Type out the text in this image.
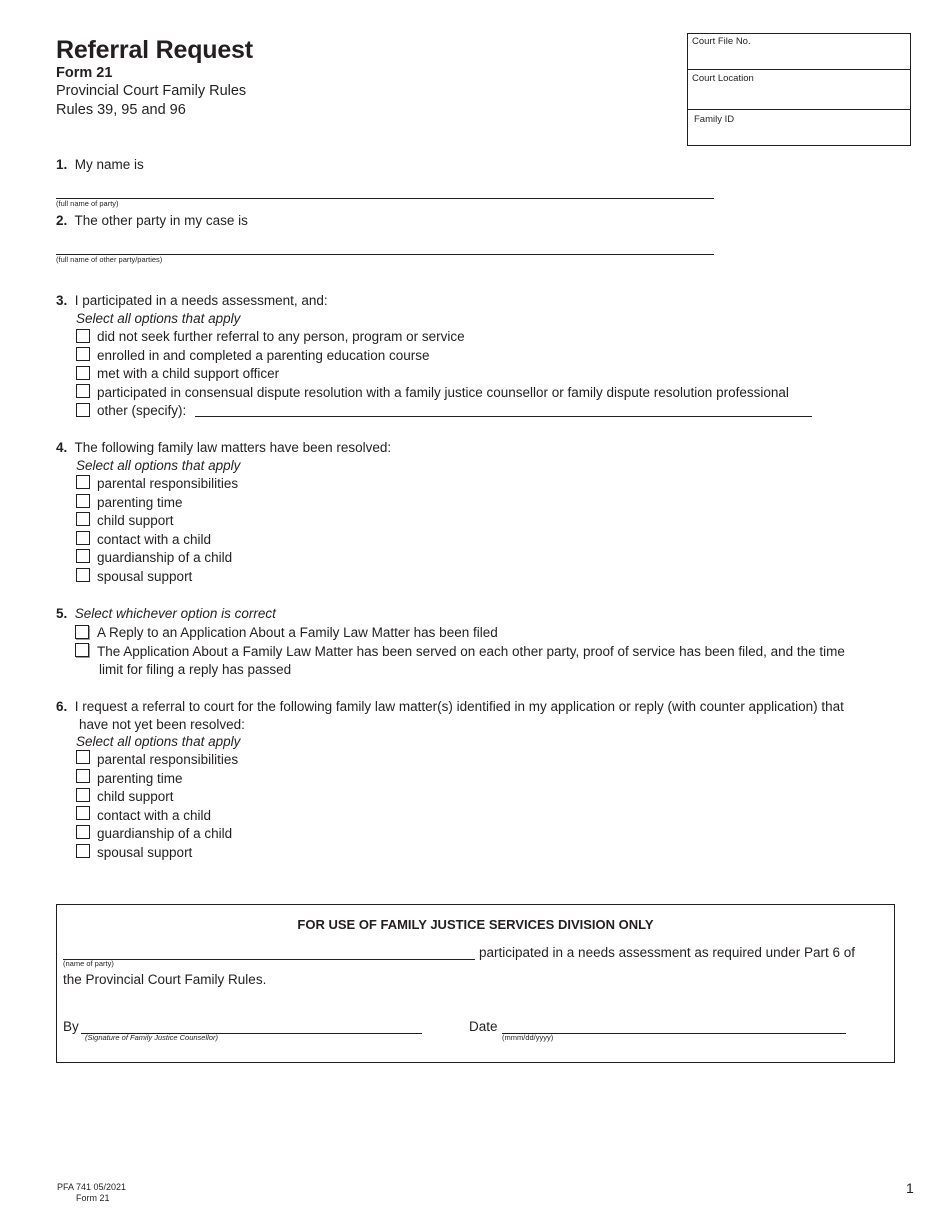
Referral Request
Form 21
Provincial Court Family Rules
Rules 39, 95 and 96
Court File No.
Court Location
Family ID
1. My name is
(full name of party)
2. The other party in my case is
(full name of other party/parties)
3. I participated in a needs assessment, and:
Select all options that apply
did not seek further referral to any person, program or service
enrolled in and completed a parenting education course
met with a child support officer
participated in consensual dispute resolution with a family justice counsellor or family dispute resolution professional
other (specify):
4. The following family law matters have been resolved:
Select all options that apply
parental responsibilities
parenting time
child support
contact with a child
guardianship of a child
spousal support
5. Select whichever option is correct
A Reply to an Application About a Family Law Matter has been filed
The Application About a Family Law Matter has been served on each other party, proof of service has been filed, and the time
limit for filing a reply has passed
6. I request a referral to court for the following family law matter(s) identified in my application or reply (with counter application) that
have not yet been resolved:
Select all options that apply
parental responsibilities
parenting time
child support
contact with a child
guardianship of a child
spousal support
FOR USE OF FAMILY JUSTICE SERVICES DIVISION ONLY
(name of party)
participated in a needs assessment as required under Part 6 of
the Provincial Court Family Rules.
By
(Signature of Family Justice Counsellor)
Date
(mmm/dd/yyyy)
PFA 741 05/2021
Form 21
1
